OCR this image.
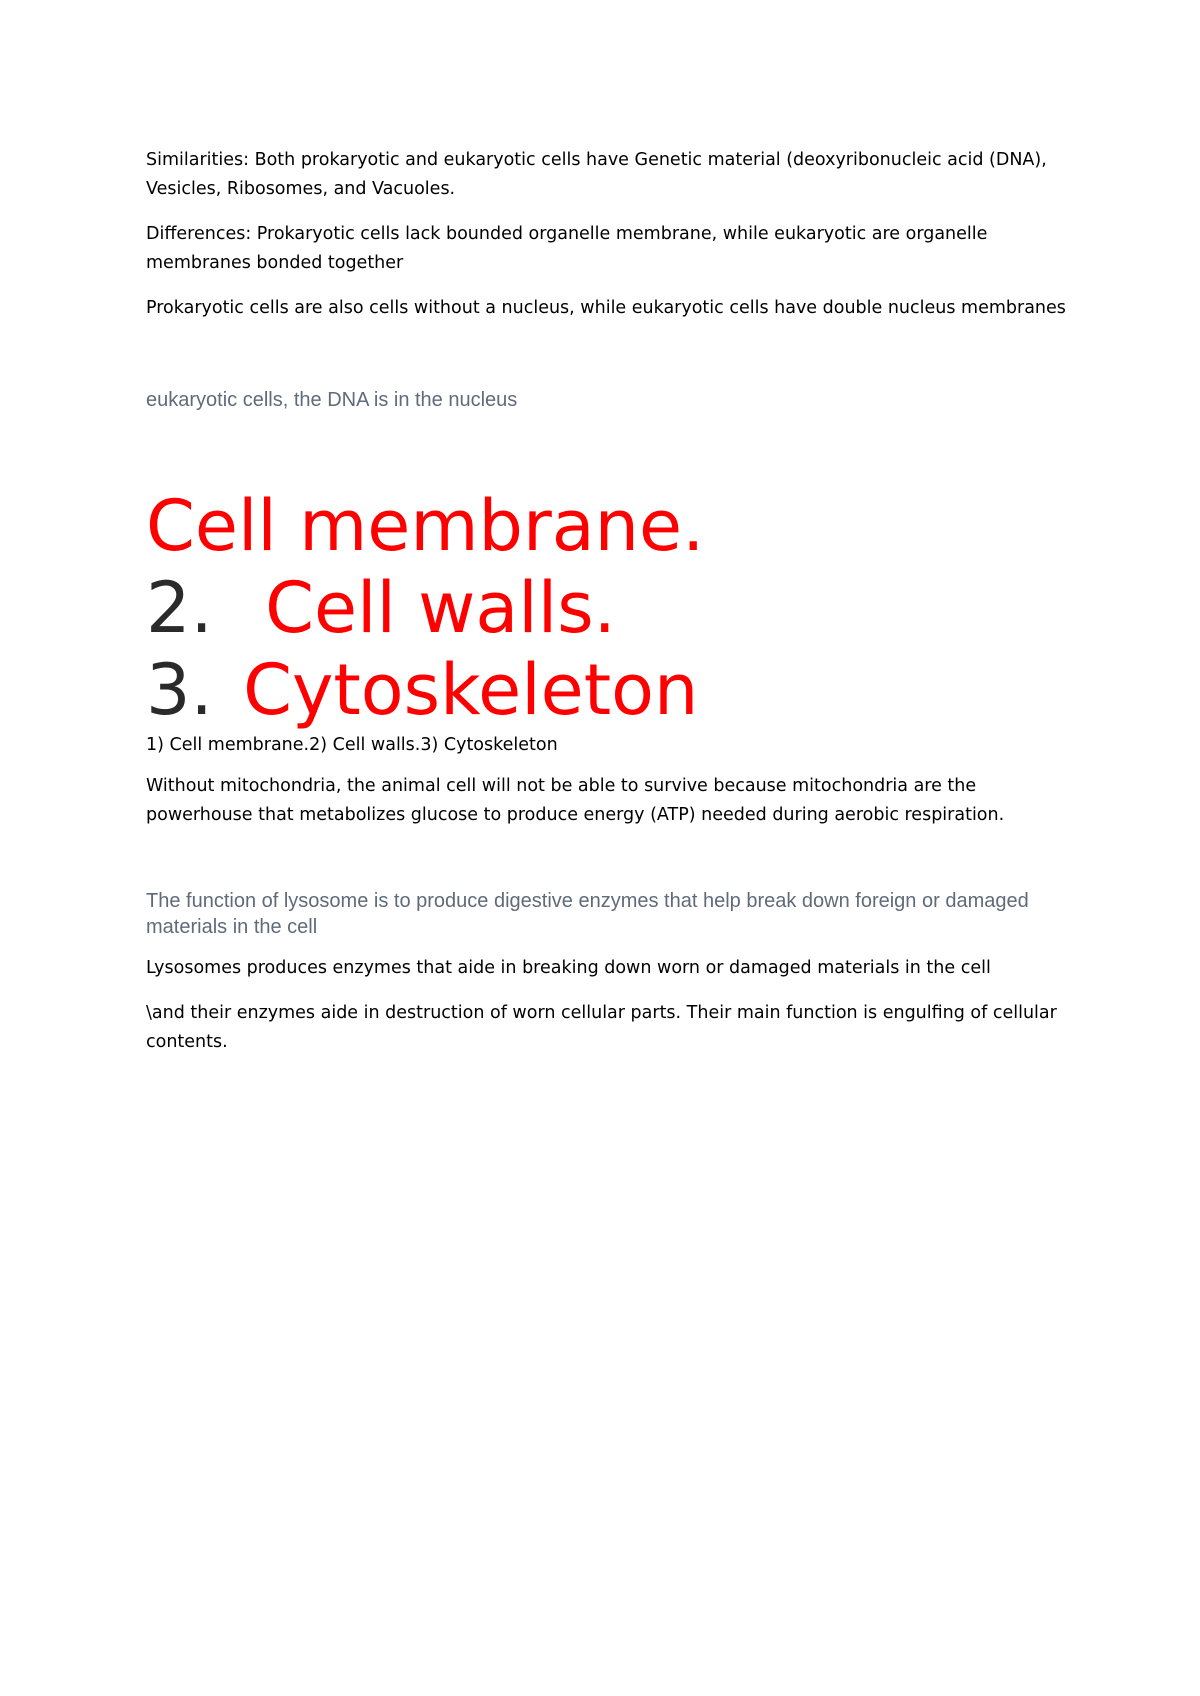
Similarities: Both prokaryotic and eukaryotic cells have Genetic material (deoxyribonucleic acid (DNA), Vesicles, Ribosomes, and Vacuoles.

Differences: Prokaryotic cells lack bounded organelle membrane, while eukaryotic are organelle membranes bonded together

Prokaryotic cells are also cells without a nucleus, while eukaryotic cells have double nucleus membranes

eukaryotic cells, the DNA is in the nucleus

Cell membrane.

2. Cell walls.

3. Cytoskeleton

1) Cell membrane.2) Cell walls.3) Cytoskeleton

Without mitochondria, the animal cell will not be able to survive because mitochondria are the powerhouse that metabolizes glucose to produce energy (ATP) needed during aerobic respiration.

The function of lysosome is to produce digestive enzymes that help break down foreign or damaged materials in the cell

Lysosomes produces enzymes that aide in breaking down worn or damaged materials in the cell

\and their enzymes aide in destruction of worn cellular parts. Their main function is engulfing of cellular contents.
